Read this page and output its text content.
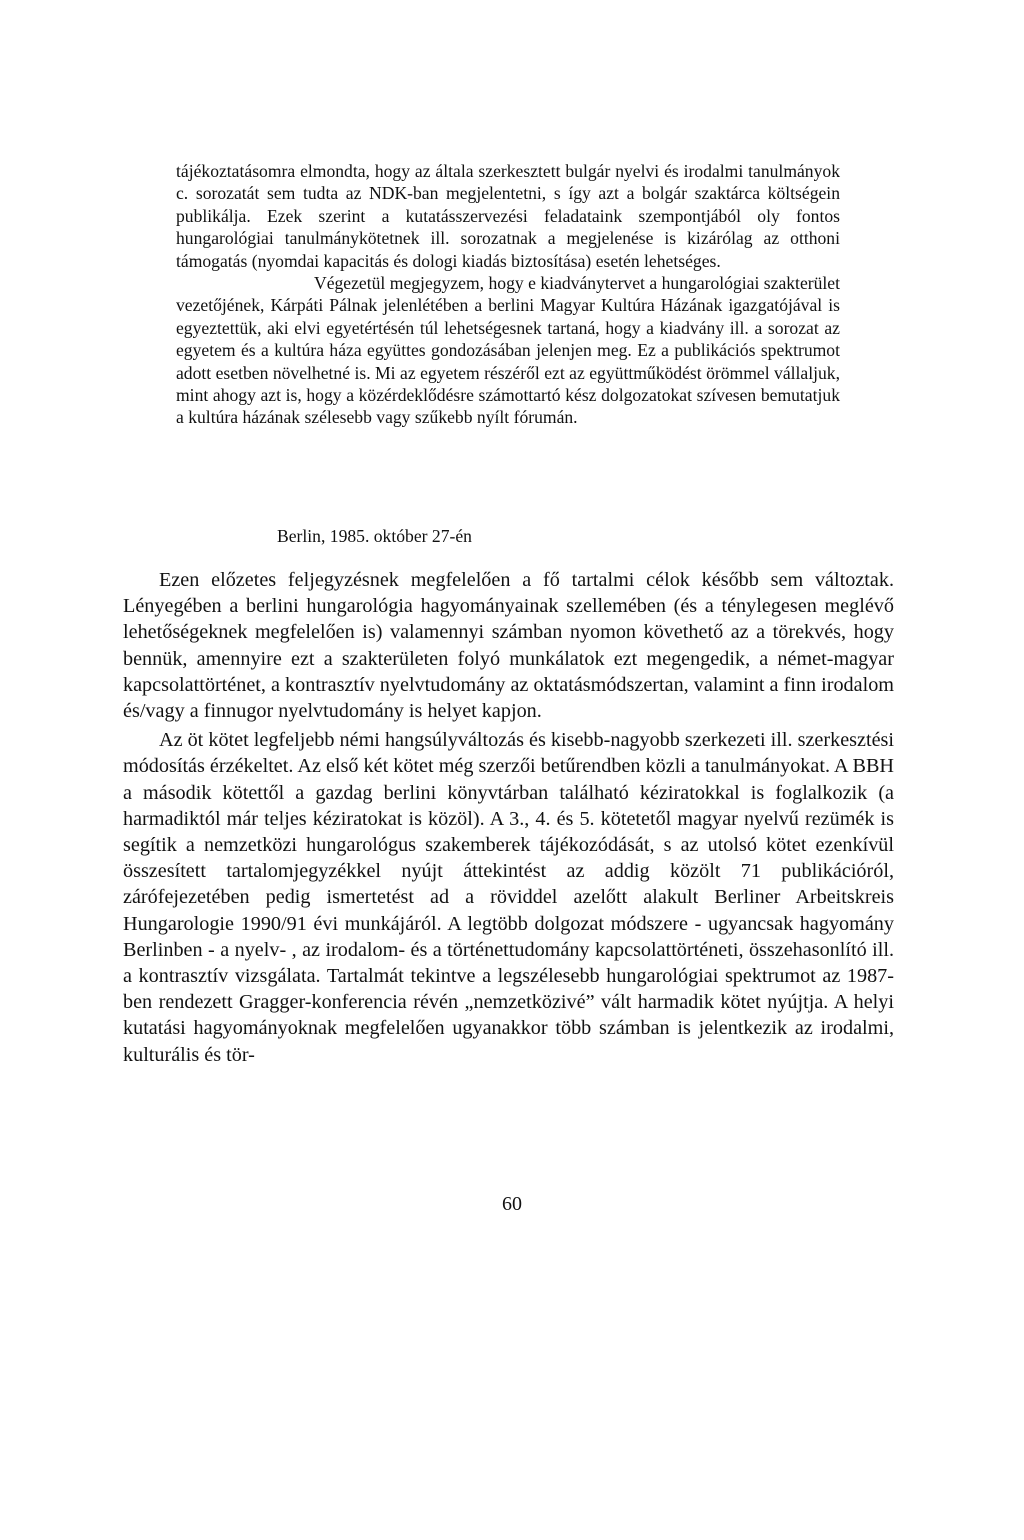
tájékoztatásomra elmondta, hogy az általa szerkesztett bulgár nyelvi és irodalmi tanulmányok c. sorozatát sem tudta az NDK-ban megjelentetni, s így azt a bolgár szaktárca költségein publikálja. Ezek szerint a kutatásszervezési feladataink szempontjából oly fontos hungarológiai tanulmánykötetnek ill. sorozatnak a megjelenése is kizárólag az otthoni támogatás (nyomdai kapacitás és dologi kiadás biztosítása) esetén lehetséges.

Végezetül megjegyzem, hogy e kiadványtervet a hungarológiai szakterület vezetőjének, Kárpáti Pálnak jelenlétében a berlini Magyar Kultúra Házának igazgatójával is egyeztettük, aki elvi egyetértésén túl lehetségesnek tartaná, hogy a kiadvány ill. a sorozat az egyetem és a kultúra háza együttes gondozásában jelenjen meg. Ez a publikációs spektrumot adott esetben növelhetné is. Mi az egyetem részéről ezt az együttműködést örömmel vállaljuk, mint ahogy azt is, hogy a közérdeklődésre számottartó kész dolgozatokat szívesen bemutatjuk a kultúra házának szélesebb vagy szűkebb nyílt fórumán.

Berlin, 1985. október 27-én

Ezen előzetes feljegyzésnek megfelelően a fő tartalmi célok később sem változtak. Lényegében a berlini hungarológia hagyományainak szellemében (és a ténylegesen meglévő lehetőségeknek megfelelően is) valamennyi számban nyomon követhető az a törekvés, hogy bennük, amennyire ezt a szakterületen folyó munkálatok ezt megengedik, a német-magyar kapcsolattörténet, a kontrasztív nyelvtudomány az oktatásmódszertan, valamint a finn irodalom és/vagy a finnugor nyelvtudomány is helyet kapjon.

Az öt kötet legfeljebb némi hangsúlyváltozás és kisebb-nagyobb szerkezeti ill. szerkesztési módosítás érzékeltet. Az első két kötet még szerzői betűrendben közli a tanulmányokat. A BBH a második kötettől a gazdag berlini könyvtárban található kéziratokkal is foglalkozik (a harmadiktól már teljes kéziratokat is közöl). A 3., 4. és 5. kötetetől magyar nyelvű rezümék is segítik a nemzetközi hungarológus szakemberek tájékozódását, s az utolsó kötet ezenkívül összesített tartalomjegyzékkel nyújt áttekintést az addig közölt 71 publikációról, zárófejezetében pedig ismertetést ad a röviddel azelőtt alakult Berliner Arbeitskreis Hungarologie 1990/91 évi munkájáról. A legtöbb dolgozat módszere - ugyancsak hagyomány Berlinben - a nyelv- , az irodalom- és a történettudomány kapcsolattörténeti, összehasonlító ill. a kontrasztív vizsgálata. Tartalmát tekintve a legszélesebb hungarológiai spektrumot az 1987-ben rendezett Gragger-konferencia révén „nemzetközivé” vált harmadik kötet nyújtja. A helyi kutatási hagyományoknak megfelelően ugyanakkor több számban is jelentkezik az irodalmi, kulturális és tör-

60
